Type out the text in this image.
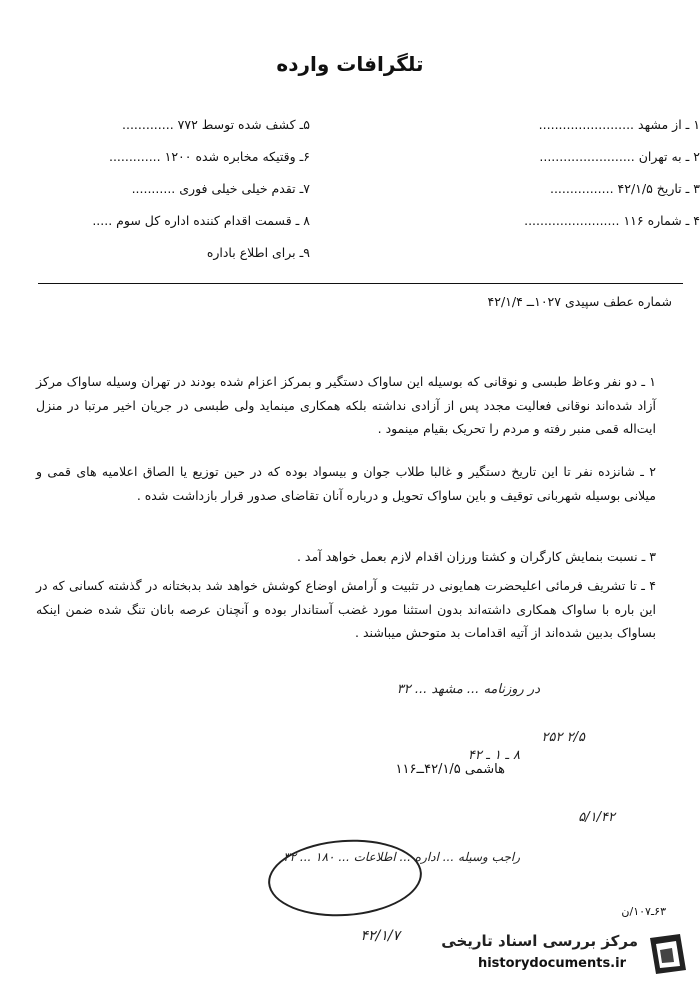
تلگرافات وارده
۱ ـ از مشهد ........................
۲ ـ به تهران ........................
۳ ـ تاریخ ۴۲/۱/۵ ................
۴ ـ شماره ۱۱۶ ........................
۵ـ کشف شده توسط ۷۷۲ .............
۶ـ وقتیکه مخابره شده ۱۲۰۰ .............
۷ـ تقدم خیلی خیلی فوری ...........
۸ ـ قسمت اقدام کننده اداره کل سوم .....
۹ـ برای اطلاع باداره
شماره عطف سپیدی ۱۰۲۷ــ ۴۲/۱/۴
۱ ـ دو نفر وعاظ طبسی و نوقانی که بوسیله این ساواک دستگیر و بمرکز اعزام شده بودند در تهران وسیله ساواک مرکز آزاد شده‌اند نوقانی فعالیت مجدد پس از آزادی نداشته بلکه همکاری مینماید ولی طبسی در جریان اخیر مرتبا در منزل ایت‌اله قمی منبر رفته و مردم را تحریک بقیام مینمود .
۲ ـ شانزده نفر تا این تاریخ دستگیر و غالبا طلاب جوان و بیسواد بوده که در حین توزیع یا الصاق اعلامیه های قمی و میلانی بوسیله شهربانی توقیف و باین ساواک تحویل و درباره آنان تقاضای صدور قرار بازداشت شده .
۳ ـ نسبت بنمایش کارگران و کشتا ورزان اقدام لازم بعمل خواهد آمد .
۴ ـ تا تشریف فرمائی اعلیحضرت همایونی در تثبیت و آرامش اوضاع کوشش خواهد شد بدبختانه در گذشته کسانی که در این باره با ساواک همکاری داشته‌اند بدون استثنا مورد غضب آستاندار بوده و آنچنان عرصه بانان تنگ شده ضمن اینکه بساواک بدبین شده‌اند از آتیه اقدامات بد متوحش میباشند .
در روزنامه ... مشهد ... ۳۲
۲/۵ ۲۵۲
۸ ـ ۱ ـ ۴۲
هاشمی ۴۲/۱/۵ــ۱۱۶
۵/۱/۴۲
راجب وسیله ... اداره ... اطلاعات ... ۱۸۰ ... ۳۲
۴۲/۱/۷
۶۳ـ۱۰۷/ن
مرکز بررسی اسناد تاریخی
historydocuments.ir
